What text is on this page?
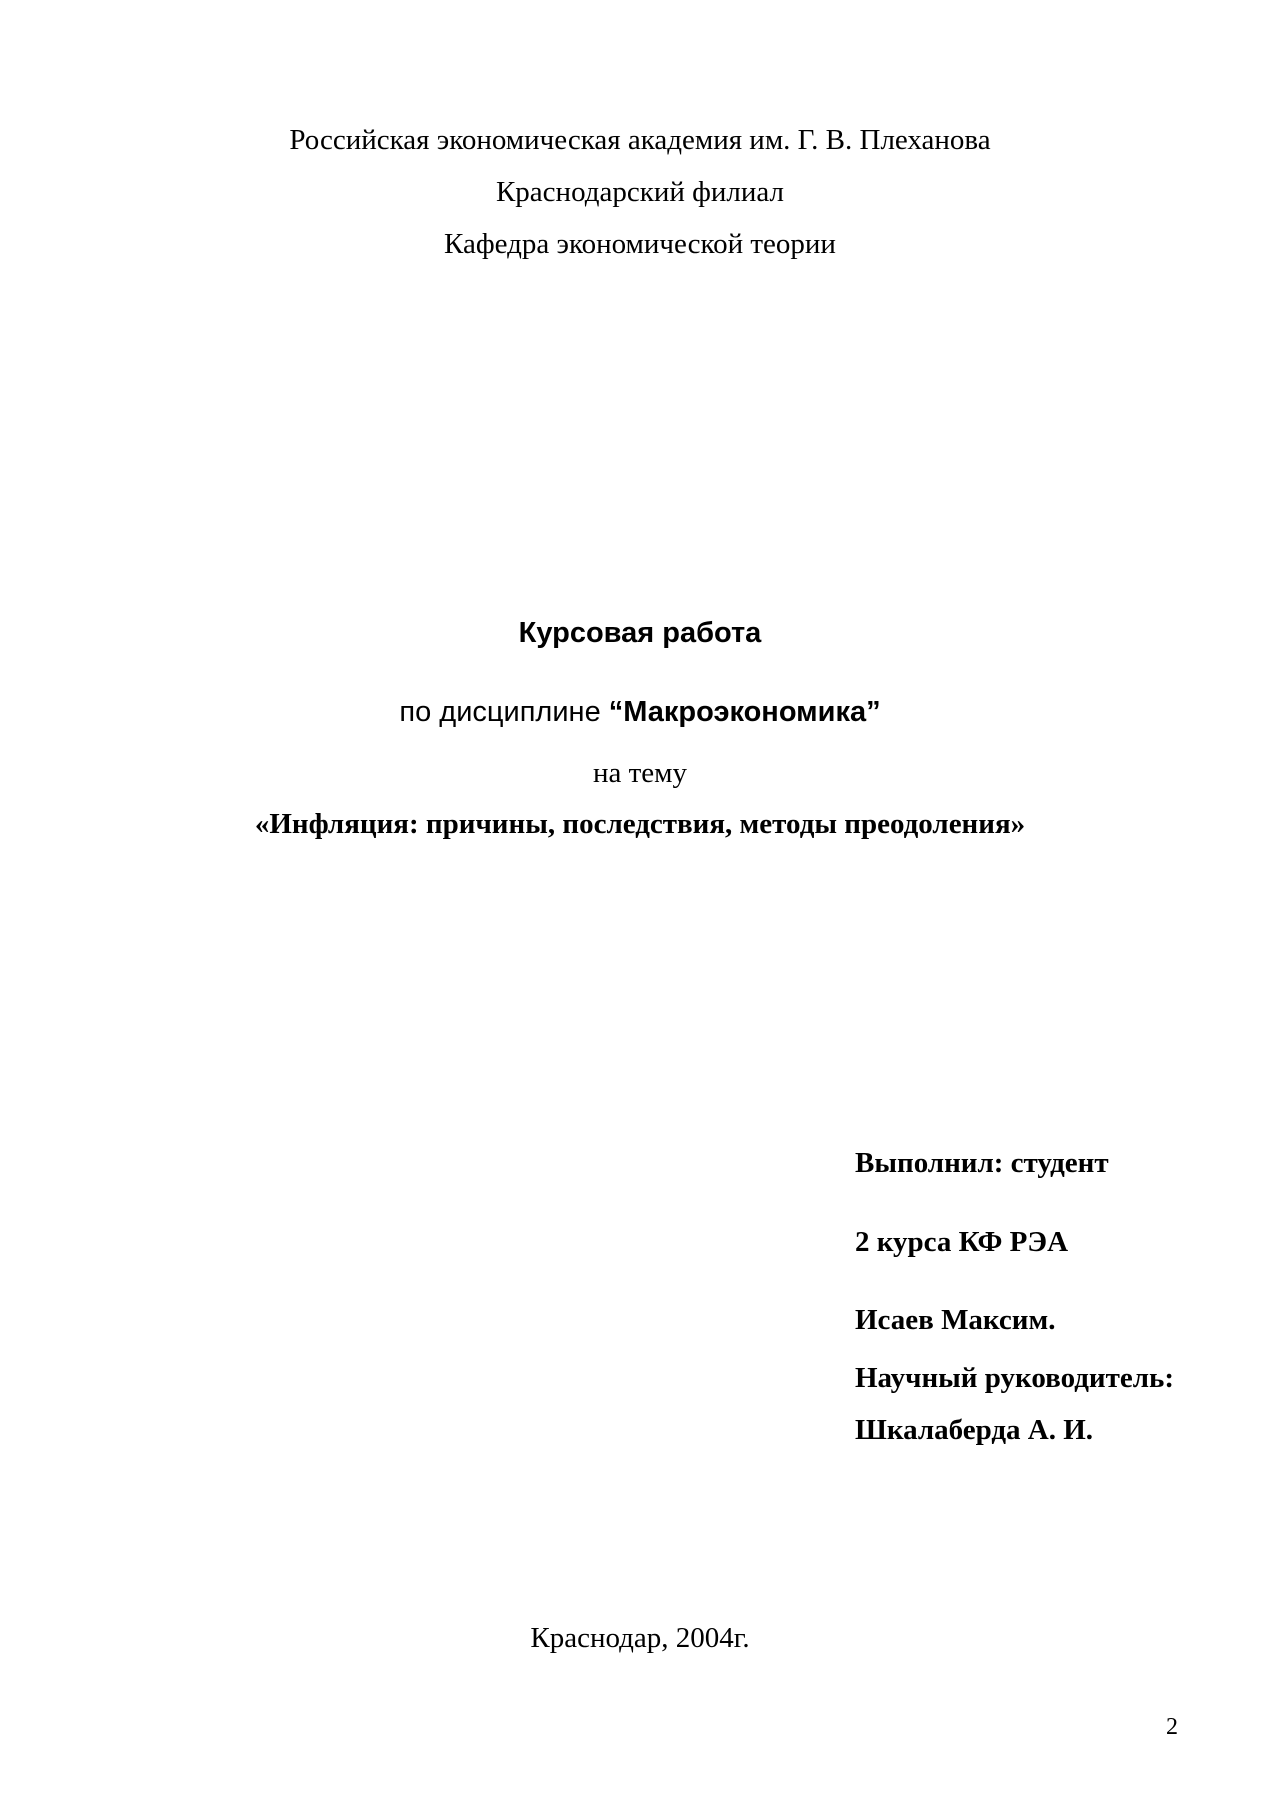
Российская экономическая академия им. Г. В. Плеханова
Краснодарский филиал
Кафедра экономической теории
Курсовая работа
по дисциплине “Макроэкономика”
на тему
«Инфляция: причины, последствия, методы преодоления»
Выполнил: студент
2 курса КФ РЭА
Исаев Максим.
Научный руководитель:
Шкалаберда А. И.
Краснодар, 2004г.
2
